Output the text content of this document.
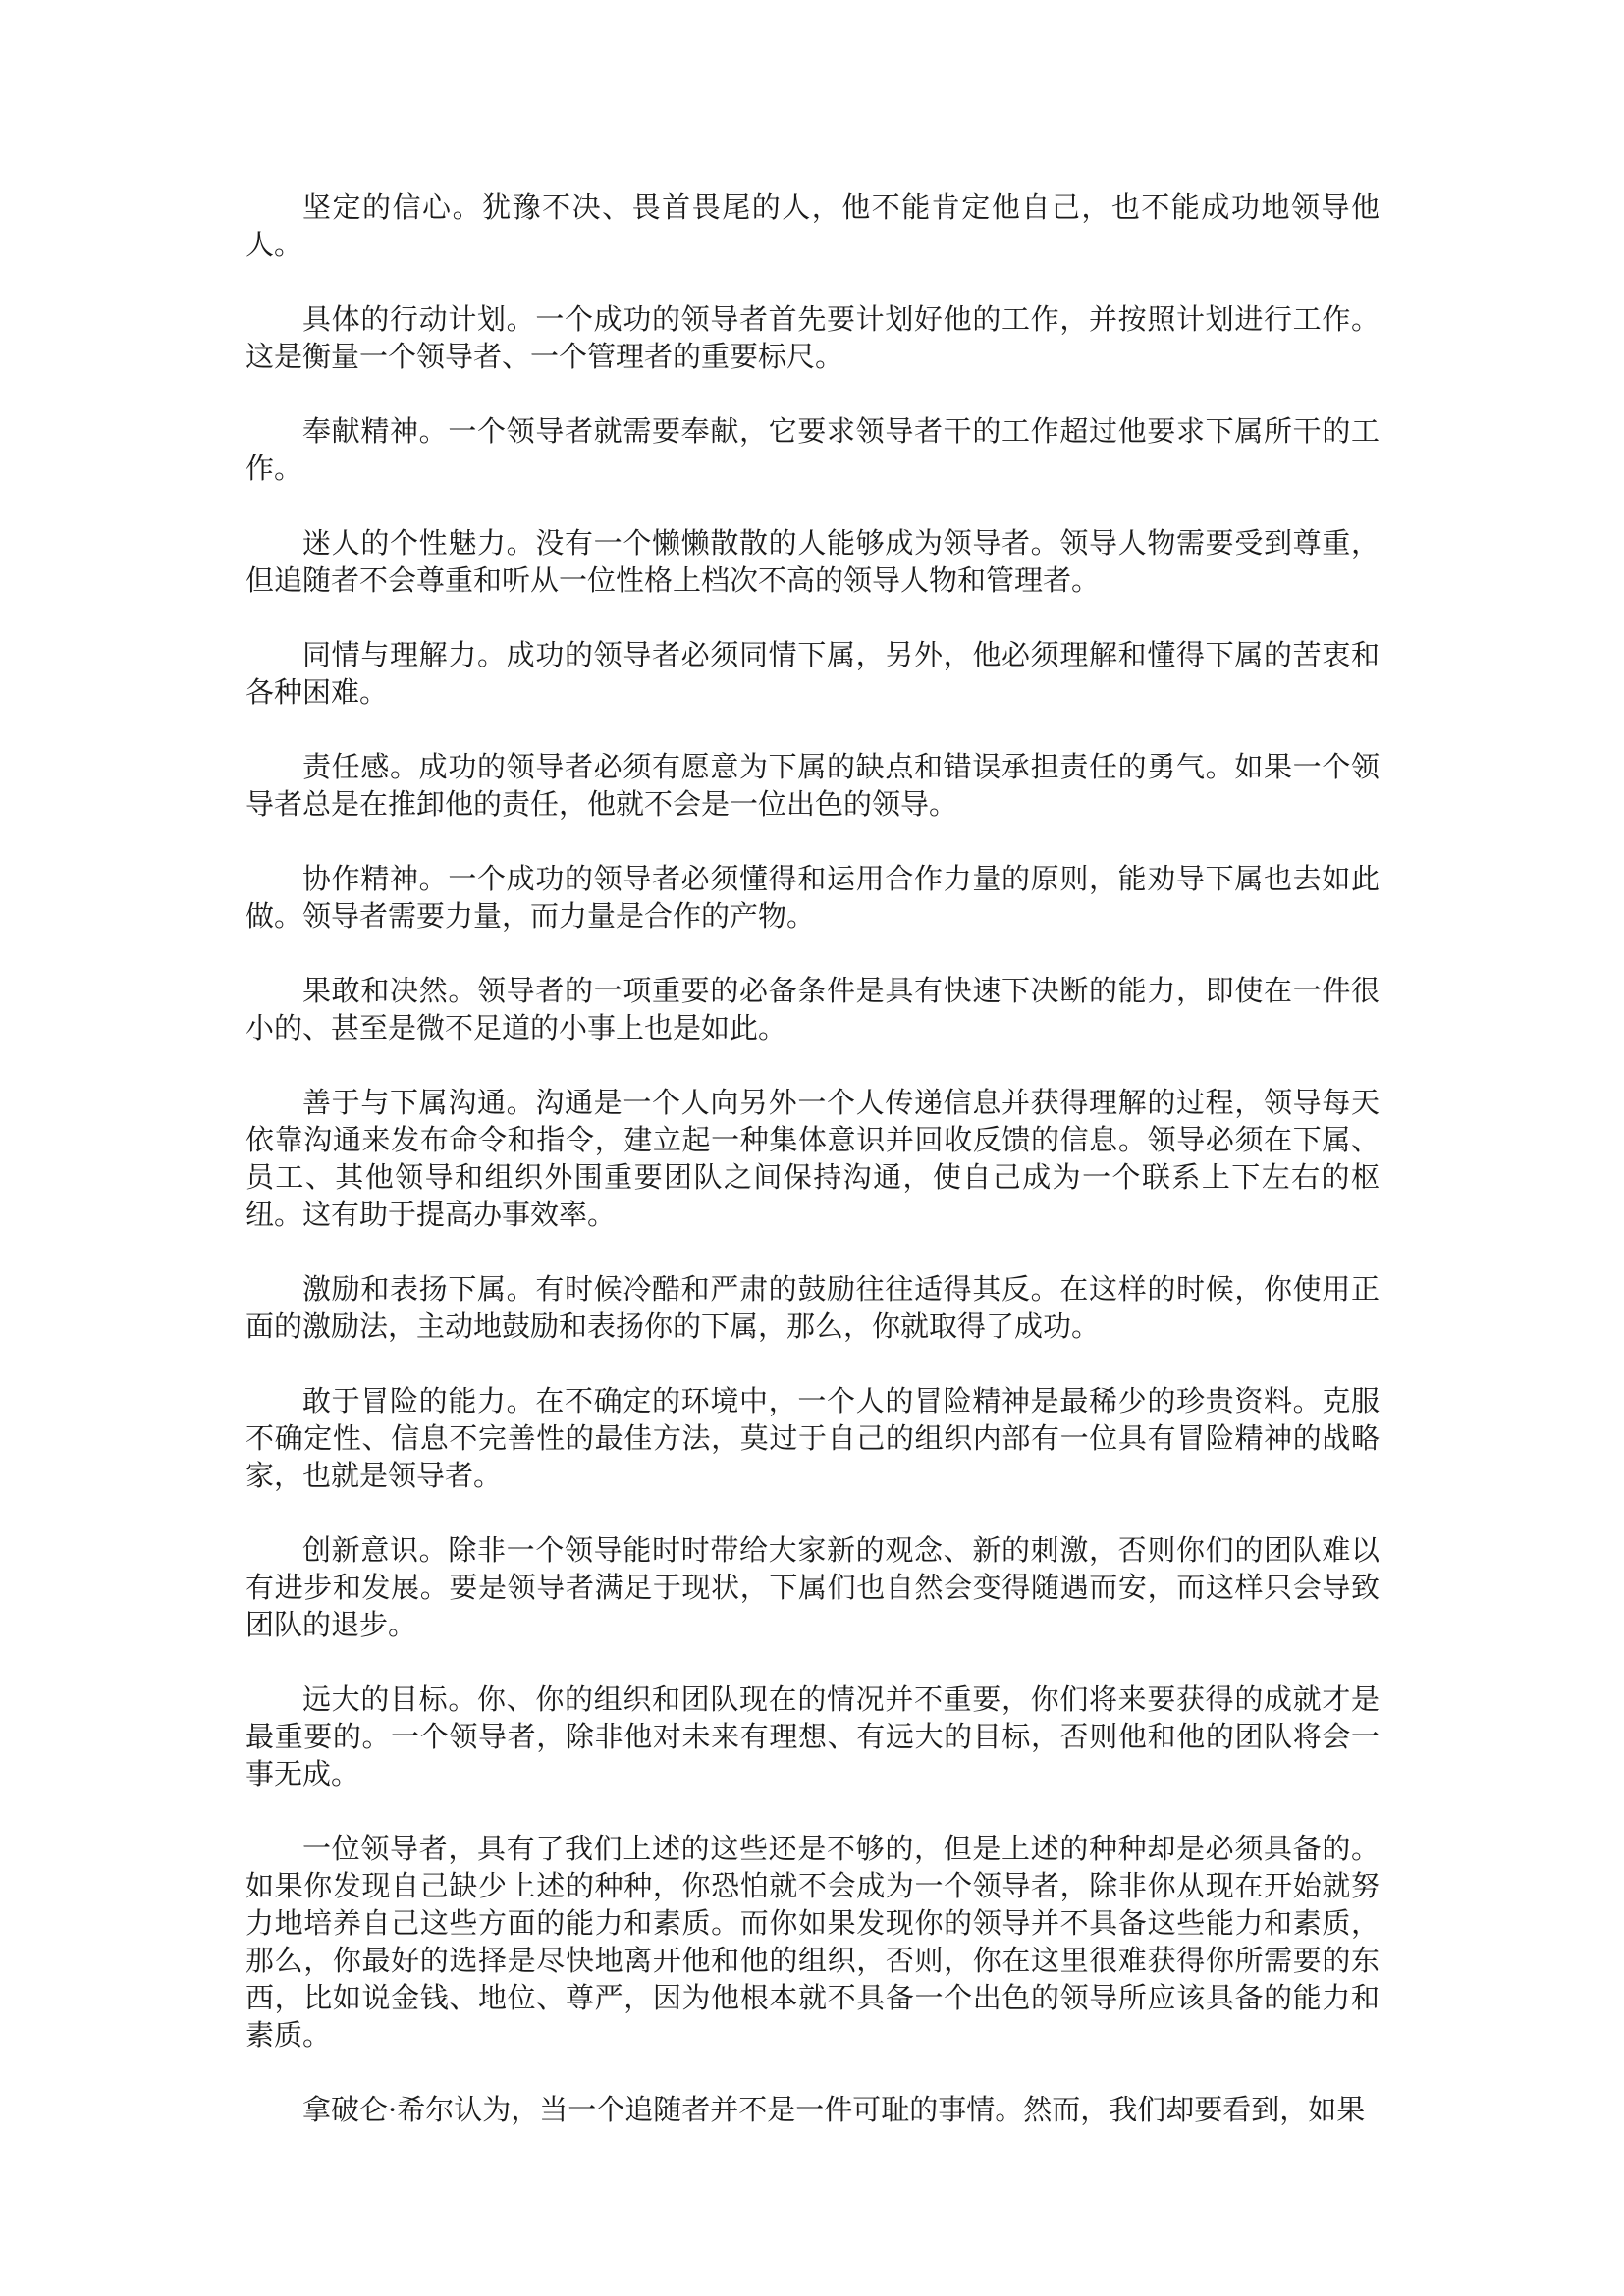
坚定的信心。犹豫不决、畏首畏尾的人，他不能肯定他自己，也不能成功地领导他人。

具体的行动计划。一个成功的领导者首先要计划好他的工作，并按照计划进行工作。这是衡量一个领导者、一个管理者的重要标尺。

奉献精神。一个领导者就需要奉献，它要求领导者干的工作超过他要求下属所干的工作。

迷人的个性魅力。没有一个懒懒散散的人能够成为领导者。领导人物需要受到尊重，但追随者不会尊重和听从一位性格上档次不高的领导人物和管理者。

同情与理解力。成功的领导者必须同情下属，另外，他必须理解和懂得下属的苦衷和各种困难。

责任感。成功的领导者必须有愿意为下属的缺点和错误承担责任的勇气。如果一个领导者总是在推卸他的责任，他就不会是一位出色的领导。

协作精神。一个成功的领导者必须懂得和运用合作力量的原则，能劝导下属也去如此做。领导者需要力量，而力量是合作的产物。

果敢和决然。领导者的一项重要的必备条件是具有快速下决断的能力，即使在一件很小的、甚至是微不足道的小事上也是如此。

善于与下属沟通。沟通是一个人向另外一个人传递信息并获得理解的过程，领导每天依靠沟通来发布命令和指令，建立起一种集体意识并回收反馈的信息。领导必须在下属、员工、其他领导和组织外围重要团队之间保持沟通，使自己成为一个联系上下左右的枢纽。这有助于提高办事效率。

激励和表扬下属。有时候冷酷和严肃的鼓励往往适得其反。在这样的时候，你使用正面的激励法，主动地鼓励和表扬你的下属，那么，你就取得了成功。

敢于冒险的能力。在不确定的环境中，一个人的冒险精神是最稀少的珍贵资料。克服不确定性、信息不完善性的最佳方法，莫过于自己的组织内部有一位具有冒险精神的战略家，也就是领导者。

创新意识。除非一个领导能时时带给大家新的观念、新的刺激，否则你们的团队难以有进步和发展。要是领导者满足于现状，下属们也自然会变得随遇而安，而这样只会导致团队的退步。

远大的目标。你、你的组织和团队现在的情况并不重要，你们将来要获得的成就才是最重要的。一个领导者，除非他对未来有理想、有远大的目标，否则他和他的团队将会一事无成。

一位领导者，具有了我们上述的这些还是不够的，但是上述的种种却是必须具备的。如果你发现自己缺少上述的种种，你恐怕就不会成为一个领导者，除非你从现在开始就努力地培养自己这些方面的能力和素质。而你如果发现你的领导并不具备这些能力和素质，那么，你最好的选择是尽快地离开他和他的组织，否则，你在这里很难获得你所需要的东西，比如说金钱、地位、尊严，因为他根本就不具备一个出色的领导所应该具备的能力和素质。

拿破仑·希尔认为，当一个追随者并不是一件可耻的事情。然而，我们却要看到，如果
